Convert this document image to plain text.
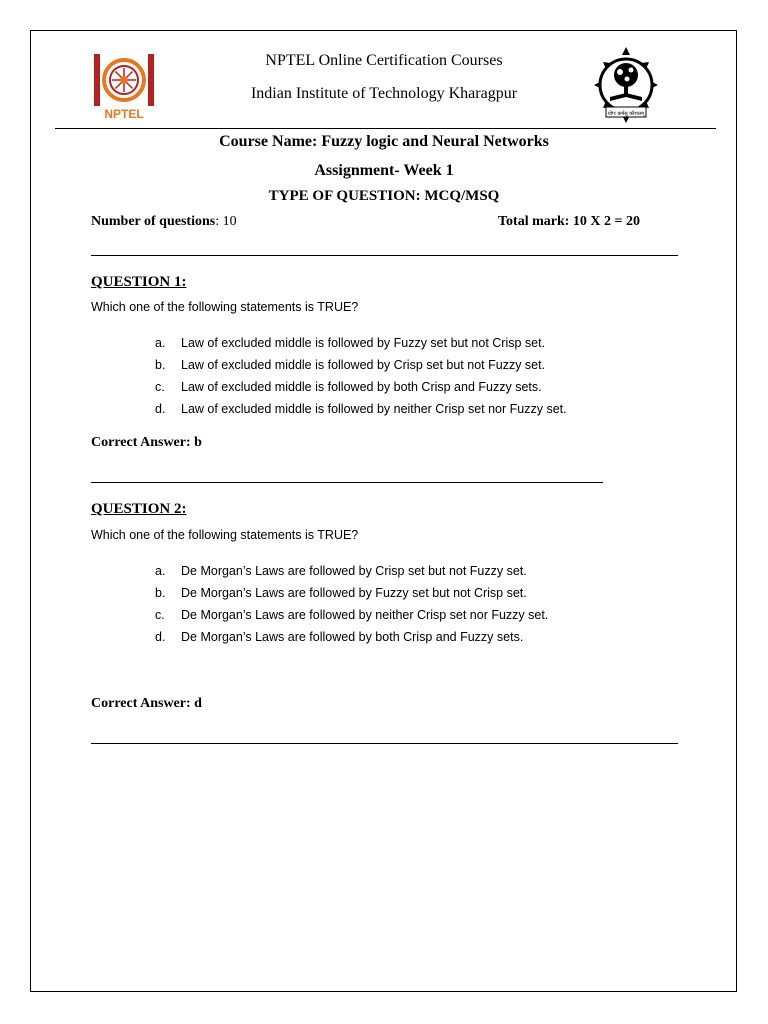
NPTEL	योगः कर्मसु कौशलम्
NPTEL Online Certification Courses
Indian Institute of Technology Kharagpur
Course Name: Fuzzy logic and Neural Networks
Assignment- Week 1
TYPE OF QUESTION: MCQ/MSQ
Number of questions: 10	Total mark: 10 X 2 = 20
QUESTION 1:
Which one of the following statements is TRUE?
a. Law of excluded middle is followed by Fuzzy set but not Crisp set.
b. Law of excluded middle is followed by Crisp set but not Fuzzy set.
c. Law of excluded middle is followed by both Crisp and Fuzzy sets.
d. Law of excluded middle is followed by neither Crisp set nor Fuzzy set.
Correct Answer: b
QUESTION 2:
Which one of the following statements is TRUE?
a. De Morgan’s Laws are followed by Crisp set but not Fuzzy set.
b. De Morgan’s Laws are followed by Fuzzy set but not Crisp set.
c. De Morgan’s Laws are followed by neither Crisp set nor Fuzzy set.
d. De Morgan’s Laws are followed by both Crisp and Fuzzy sets.
Correct Answer: d
